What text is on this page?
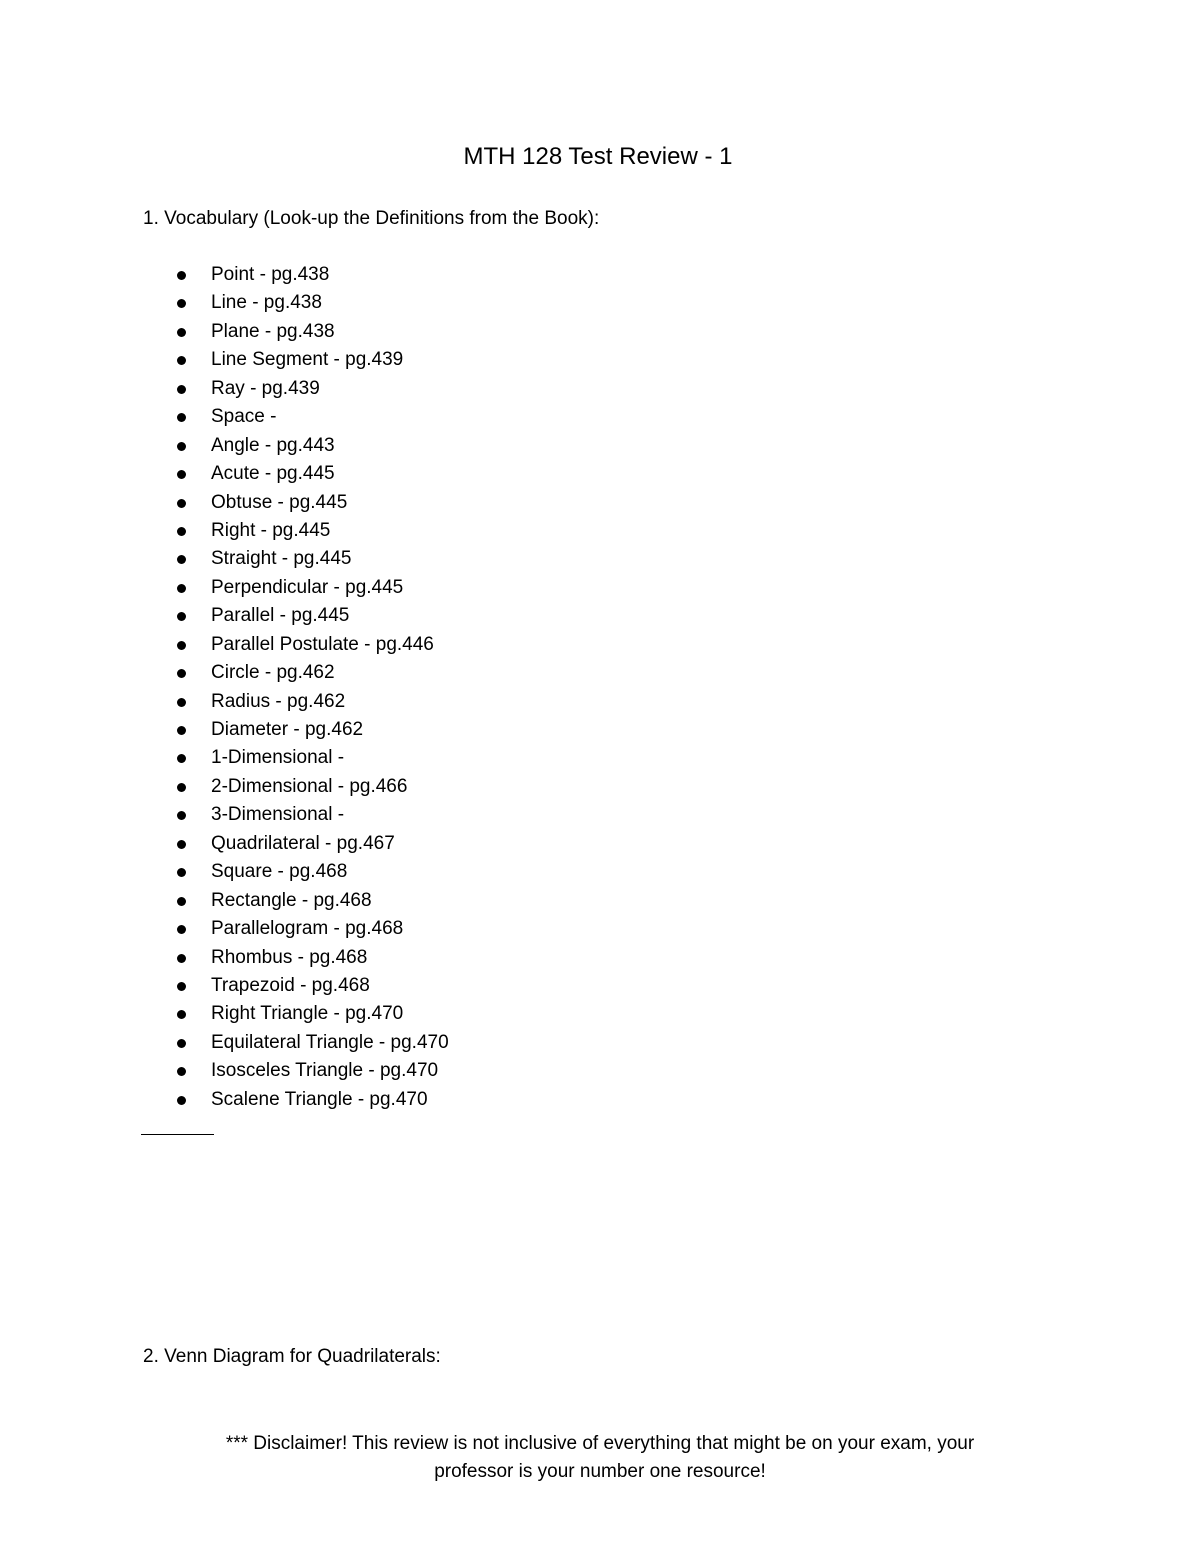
MTH 128 Test Review - 1

1. Vocabulary (Look-up the Definitions from the Book):

Point - pg.438
Line - pg.438
Plane - pg.438
Line Segment - pg.439
Ray - pg.439
Space -
Angle - pg.443
Acute - pg.445
Obtuse - pg.445
Right - pg.445
Straight - pg.445
Perpendicular - pg.445
Parallel - pg.445
Parallel Postulate - pg.446
Circle - pg.462
Radius - pg.462
Diameter - pg.462
1-Dimensional -
2-Dimensional - pg.466
3-Dimensional -
Quadrilateral - pg.467
Square - pg.468
Rectangle - pg.468
Parallelogram - pg.468
Rhombus - pg.468
Trapezoid - pg.468
Right Triangle - pg.470
Equilateral Triangle - pg.470
Isosceles Triangle - pg.470
Scalene Triangle - pg.470

2. Venn Diagram for Quadrilaterals:

*** Disclaimer! This review is not inclusive of everything that might be on your exam, your
professor is your number one resource!
